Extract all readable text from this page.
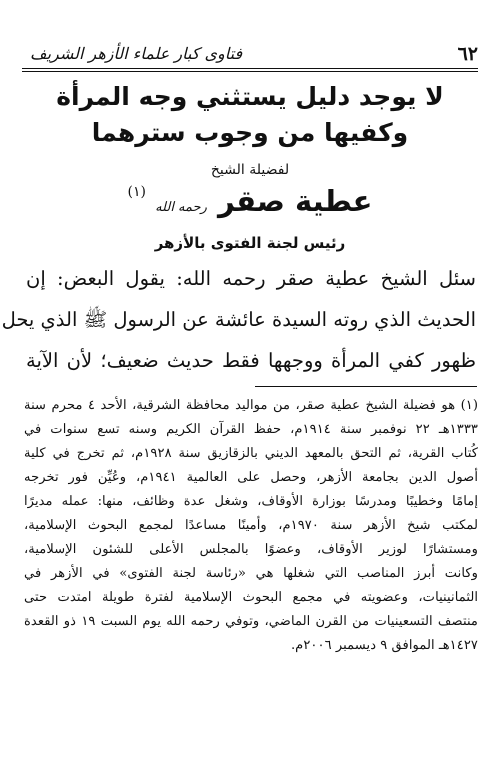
٦٢
فتاوى كبار علماء الأزهر الشريف
لا يوجد دليل يستثني وجه المرأة
وكفيها من وجوب سترهما
لفضيلة الشيخ
عطية صقر رحمه الله (١)
رئيس لجنة الفتوى بالأزهر
سئل الشيخ عطية صقر رحمه الله: يقول البعض: إن
الحديث الذي روته السيدة عائشة عن الرسول ﷺ الذي يحل
ظهور كفي المرأة ووجهها فقط حديث ضعيف؛ لأن الآية
(١) هو فضيلة الشيخ عطية صقر، من مواليد محافظة الشرقية، الأحد ٤ محرم سنة
١٣٣٣هـ ٢٢ نوفمبر سنة ١٩١٤م، حفظ القرآن الكريم وسنه تسع سنوات في
كُتاب القرية، ثم التحق بالمعهد الديني بالزقازيق سنة ١٩٢٨م، ثم تخرج في كلية
أصول الدين بجامعة الأزهر، وحصل على العالمية ١٩٤١م، وعُيِّن فور تخرجه
إمامًا وخطيبًا ومدرسًا بوزارة الأوقاف، وشغل عدة وظائف، منها: عمله مديرًا
لمكتب شيخ الأزهر سنة ١٩٧٠م، وأمينًا مساعدًا لمجمع البحوث الإسلامية،
ومستشارًا لوزير الأوقاف، وعضوًا بالمجلس الأعلى للشئون الإسلامية،
وكانت أبرز المناصب التي شغلها هي «رئاسة لجنة الفتوى» في الأزهر في
الثمانينيات، وعضويته في مجمع البحوث الإسلامية لفترة طويلة امتدت حتى
منتصف التسعينيات من القرن الماضي، وتوفي رحمه الله يوم السبت ١٩ ذو القعدة
١٤٢٧هـ الموافق ٩ ديسمبر ٢٠٠٦م.
